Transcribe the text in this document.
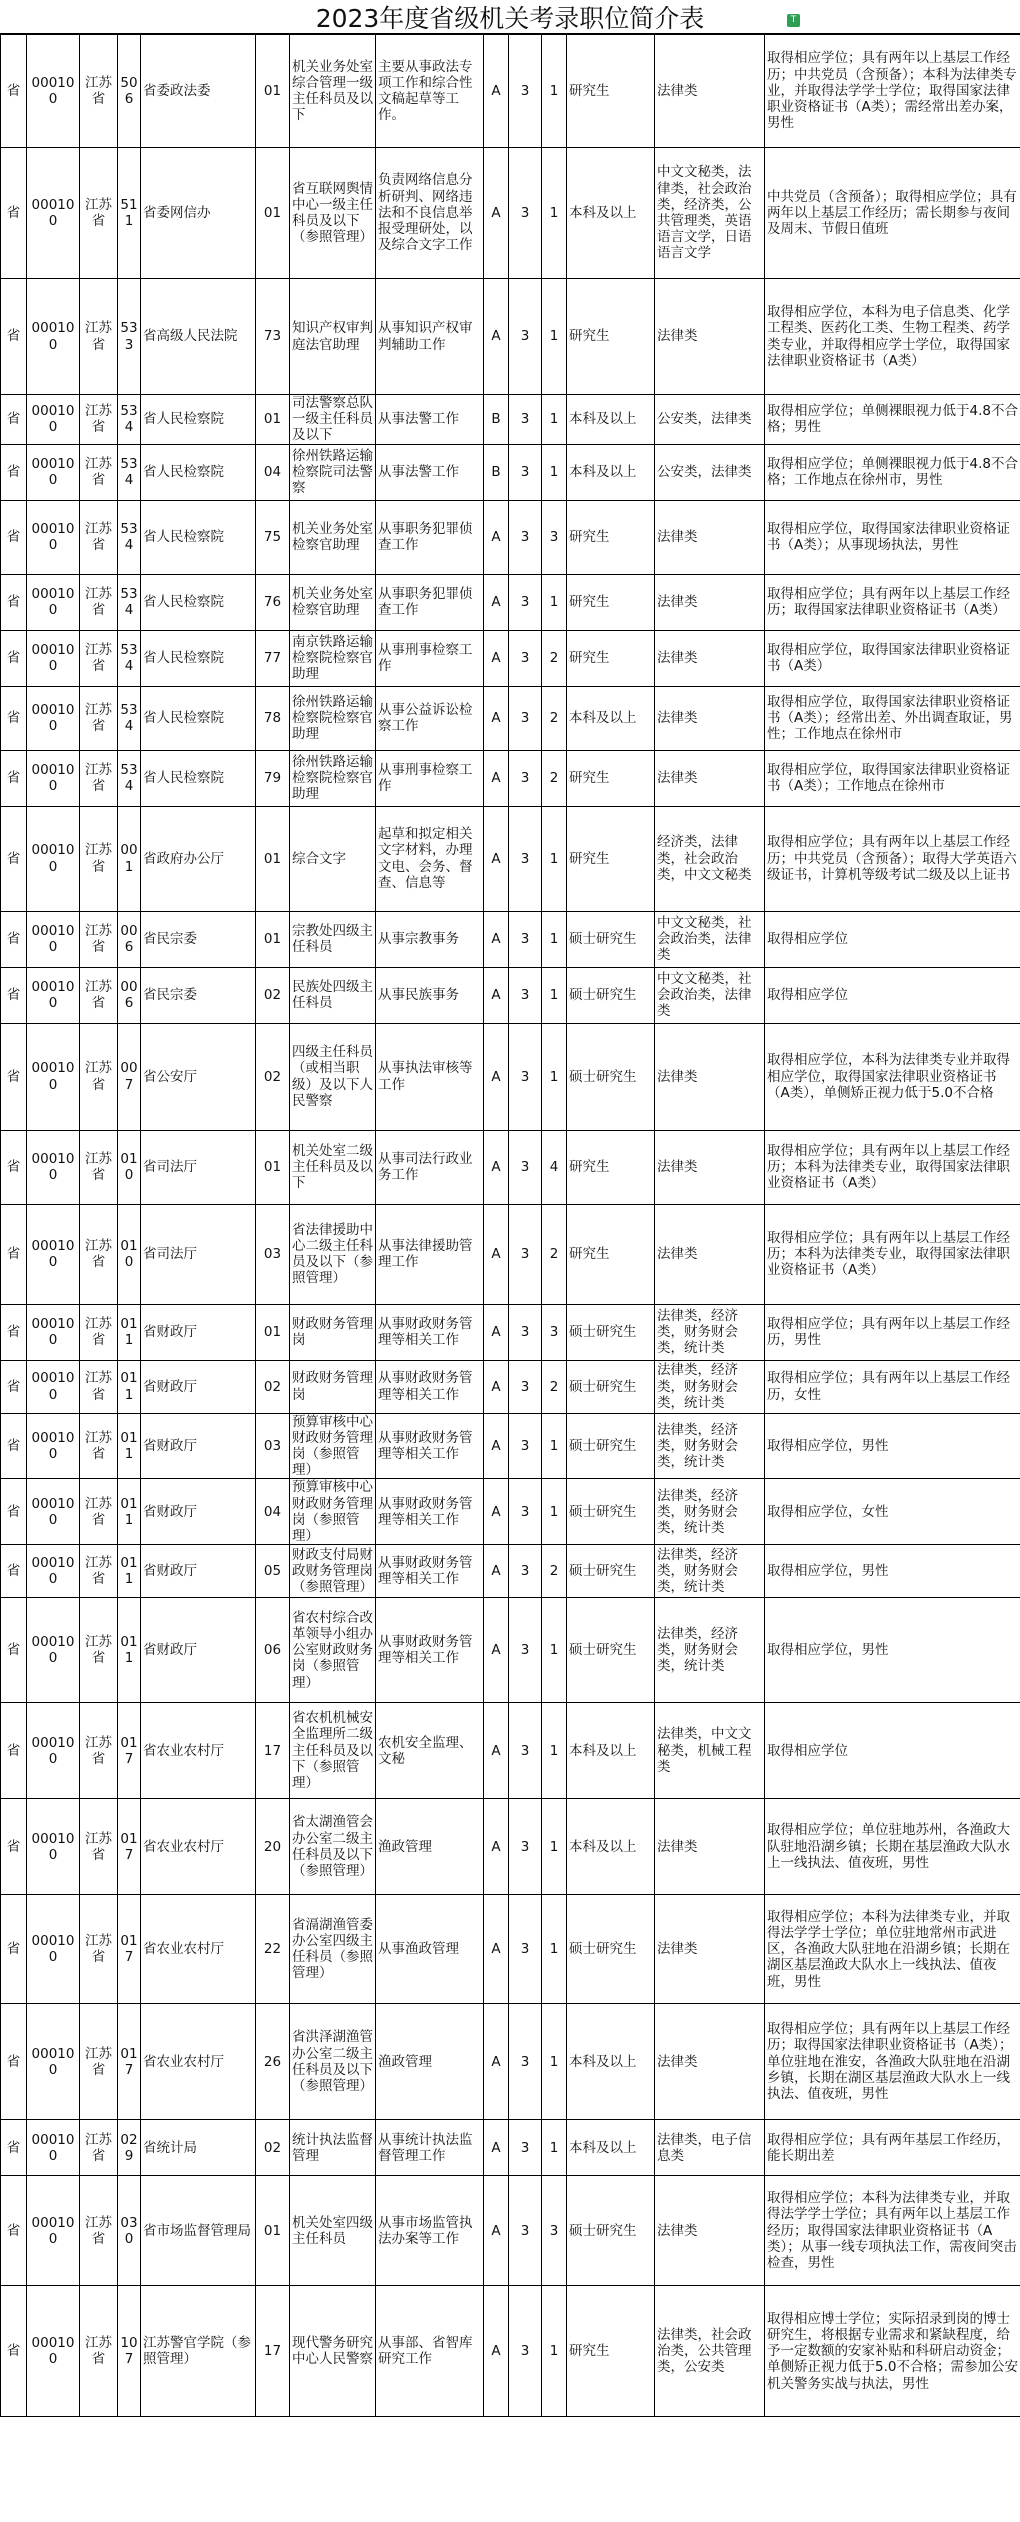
2023年度省级机关考录职位简介表	T
省	000100	江苏省	506	省委政法委	01	机关业务处室综合管理一级主任科员及以下	主要从事政法专项工作和综合性文稿起草等工作。	A	3	1	研究生	法律类	取得相应学位；具有两年以上基层工作经历；中共党员（含预备）；本科为法律类专业，并取得法学学士学位；取得国家法律职业资格证书（A类）；需经常出差办案，男性
省	000100	江苏省	511	省委网信办	01	省互联网舆情中心一级主任科员及以下（参照管理）	负责网络信息分析研判、网络违法和不良信息举报受理研处，以及综合文字工作	A	3	1	本科及以上	中文文秘类，法律类，社会政治类，经济类，公共管理类，英语语言文学，日语语言文学	中共党员（含预备）；取得相应学位；具有两年以上基层工作经历；需长期参与夜间及周末、节假日值班
省	000100	江苏省	533	省高级人民法院	73	知识产权审判庭法官助理	从事知识产权审判辅助工作	A	3	1	研究生	法律类	取得相应学位，本科为电子信息类、化学工程类、医药化工类、生物工程类、药学类专业，并取得相应学士学位，取得国家法律职业资格证书（A类）
省	000100	江苏省	534	省人民检察院	01	司法警察总队一级主任科员及以下	从事法警工作	B	3	1	本科及以上	公安类，法律类	取得相应学位；单侧裸眼视力低于4.8不合格；男性
省	000100	江苏省	534	省人民检察院	04	徐州铁路运输检察院司法警察	从事法警工作	B	3	1	本科及以上	公安类，法律类	取得相应学位；单侧裸眼视力低于4.8不合格；工作地点在徐州市，男性
省	000100	江苏省	534	省人民检察院	75	机关业务处室检察官助理	从事职务犯罪侦查工作	A	3	3	研究生	法律类	取得相应学位，取得国家法律职业资格证书（A类）；从事现场执法，男性
省	000100	江苏省	534	省人民检察院	76	机关业务处室检察官助理	从事职务犯罪侦查工作	A	3	1	研究生	法律类	取得相应学位；具有两年以上基层工作经历；取得国家法律职业资格证书（A类）
省	000100	江苏省	534	省人民检察院	77	南京铁路运输检察院检察官助理	从事刑事检察工作	A	3	2	研究生	法律类	取得相应学位，取得国家法律职业资格证书（A类）
省	000100	江苏省	534	省人民检察院	78	徐州铁路运输检察院检察官助理	从事公益诉讼检察工作	A	3	2	本科及以上	法律类	取得相应学位，取得国家法律职业资格证书（A类）；经常出差、外出调查取证，男性；工作地点在徐州市
省	000100	江苏省	534	省人民检察院	79	徐州铁路运输检察院检察官助理	从事刑事检察工作	A	3	2	研究生	法律类	取得相应学位，取得国家法律职业资格证书（A类）；工作地点在徐州市
省	000100	江苏省	001	省政府办公厅	01	综合文字	起草和拟定相关文字材料，办理文电、会务、督查、信息等	A	3	1	研究生	经济类，法律类，社会政治类，中文文秘类	取得相应学位；具有两年以上基层工作经历；中共党员（含预备）；取得大学英语六级证书，计算机等级考试二级及以上证书
省	000100	江苏省	006	省民宗委	01	宗教处四级主任科员	从事宗教事务	A	3	1	硕士研究生	中文文秘类，社会政治类，法律类	取得相应学位
省	000100	江苏省	006	省民宗委	02	民族处四级主任科员	从事民族事务	A	3	1	硕士研究生	中文文秘类，社会政治类，法律类	取得相应学位
省	000100	江苏省	007	省公安厅	02	四级主任科员（或相当职级）及以下人民警察	从事执法审核等工作	A	3	1	硕士研究生	法律类	取得相应学位，本科为法律类专业并取得相应学位，取得国家法律职业资格证书（A类），单侧矫正视力低于5.0不合格
省	000100	江苏省	010	省司法厅	01	机关处室二级主任科员及以下	从事司法行政业务工作	A	3	4	研究生	法律类	取得相应学位；具有两年以上基层工作经历；本科为法律类专业，取得国家法律职业资格证书（A类）
省	000100	江苏省	010	省司法厅	03	省法律援助中心二级主任科员及以下（参照管理）	从事法律援助管理工作	A	3	2	研究生	法律类	取得相应学位；具有两年以上基层工作经历；本科为法律类专业，取得国家法律职业资格证书（A类）
省	000100	江苏省	011	省财政厅	01	财政财务管理岗	从事财政财务管理等相关工作	A	3	3	硕士研究生	法律类，经济类，财务财会类，统计类	取得相应学位；具有两年以上基层工作经历，男性
省	000100	江苏省	011	省财政厅	02	财政财务管理岗	从事财政财务管理等相关工作	A	3	2	硕士研究生	法律类，经济类，财务财会类，统计类	取得相应学位；具有两年以上基层工作经历，女性
省	000100	江苏省	011	省财政厅	03	预算审核中心财政财务管理岗（参照管理）	从事财政财务管理等相关工作	A	3	1	硕士研究生	法律类，经济类，财务财会类，统计类	取得相应学位，男性
省	000100	江苏省	011	省财政厅	04	预算审核中心财政财务管理岗（参照管理）	从事财政财务管理等相关工作	A	3	1	硕士研究生	法律类，经济类，财务财会类，统计类	取得相应学位，女性
省	000100	江苏省	011	省财政厅	05	财政支付局财政财务管理岗（参照管理）	从事财政财务管理等相关工作	A	3	2	硕士研究生	法律类，经济类，财务财会类，统计类	取得相应学位，男性
省	000100	江苏省	011	省财政厅	06	省农村综合改革领导小组办公室财政财务岗（参照管理）	从事财政财务管理等相关工作	A	3	1	硕士研究生	法律类，经济类，财务财会类，统计类	取得相应学位，男性
省	000100	江苏省	017	省农业农村厅	17	省农机机械安全监理所二级主任科员及以下（参照管理）	农机安全监理、文秘	A	3	1	本科及以上	法律类，中文文秘类，机械工程类	取得相应学位
省	000100	江苏省	017	省农业农村厅	20	省太湖渔管会办公室二级主任科员及以下（参照管理）	渔政管理	A	3	1	本科及以上	法律类	取得相应学位；单位驻地苏州，各渔政大队驻地沿湖乡镇；长期在基层渔政大队水上一线执法、值夜班，男性
省	000100	江苏省	017	省农业农村厅	22	省滆湖渔管委办公室四级主任科员（参照管理）	从事渔政管理	A	3	1	硕士研究生	法律类	取得相应学位；本科为法律类专业，并取得法学学士学位；单位驻地常州市武进区，各渔政大队驻地在沿湖乡镇；长期在湖区基层渔政大队水上一线执法、值夜班，男性
省	000100	江苏省	017	省农业农村厅	26	省洪泽湖渔管办公室二级主任科员及以下（参照管理）	渔政管理	A	3	1	本科及以上	法律类	取得相应学位；具有两年以上基层工作经历；取得国家法律职业资格证书（A类）；单位驻地在淮安，各渔政大队驻地在沿湖乡镇，长期在湖区基层渔政大队水上一线执法、值夜班，男性
省	000100	江苏省	029	省统计局	02	统计执法监督管理	从事统计执法监督管理工作	A	3	1	本科及以上	法律类，电子信息类	取得相应学位；具有两年基层工作经历，能长期出差
省	000100	江苏省	030	省市场监督管理局	01	机关处室四级主任科员	从事市场监管执法办案等工作	A	3	3	硕士研究生	法律类	取得相应学位；本科为法律类专业，并取得法学学士学位；具有两年以上基层工作经历；取得国家法律职业资格证书（A类）；从事一线专项执法工作，需夜间突击检查，男性
省	000100	江苏省	107	江苏警官学院（参照管理）	17	现代警务研究中心人民警察	从事部、省智库研究工作	A	3	1	研究生	法律类，社会政治类，公共管理类，公安类	取得相应博士学位；实际招录到岗的博士研究生，将根据专业需求和紧缺程度，给予一定数额的安家补贴和科研启动资金；单侧矫正视力低于5.0不合格；需参加公安机关警务实战与执法，男性
